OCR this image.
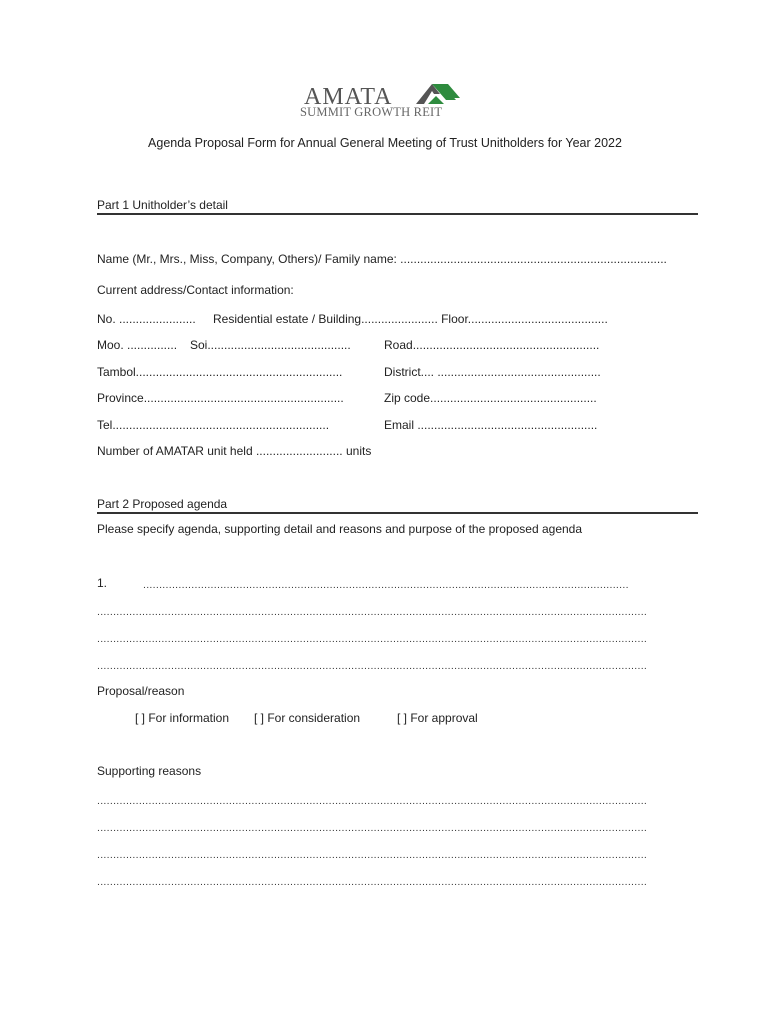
AMATA
SUMMIT GROWTH REIT
Agenda Proposal Form for Annual General Meeting of Trust Unitholders for Year 2022
Part 1 Unitholder’s detail
Name (Mr., Mrs., Miss, Company, Others)/ Family name: ................................................................................
Current address/Contact information:
No. ....................... Residential estate / Building....................... Floor..........................................
Moo. ............... Soi...........................................	Road........................................................
Tambol..............................................................	District.... .................................................
Province............................................................	Zip code..................................................
Tel.................................................................	Email ......................................................
Number of AMATAR unit held .......................... units
Part 2 Proposed agenda
Please specify agenda, supporting detail and reasons and purpose of the proposed agenda
1.	.......................................................................................................................................................
...........................................................................................................................................................................
...........................................................................................................................................................................
...........................................................................................................................................................................
Proposal/reason
[ ] For information [ ] For consideration	[ ] For approval
Supporting reasons
...........................................................................................................................................................................
...........................................................................................................................................................................
...........................................................................................................................................................................
...........................................................................................................................................................................
